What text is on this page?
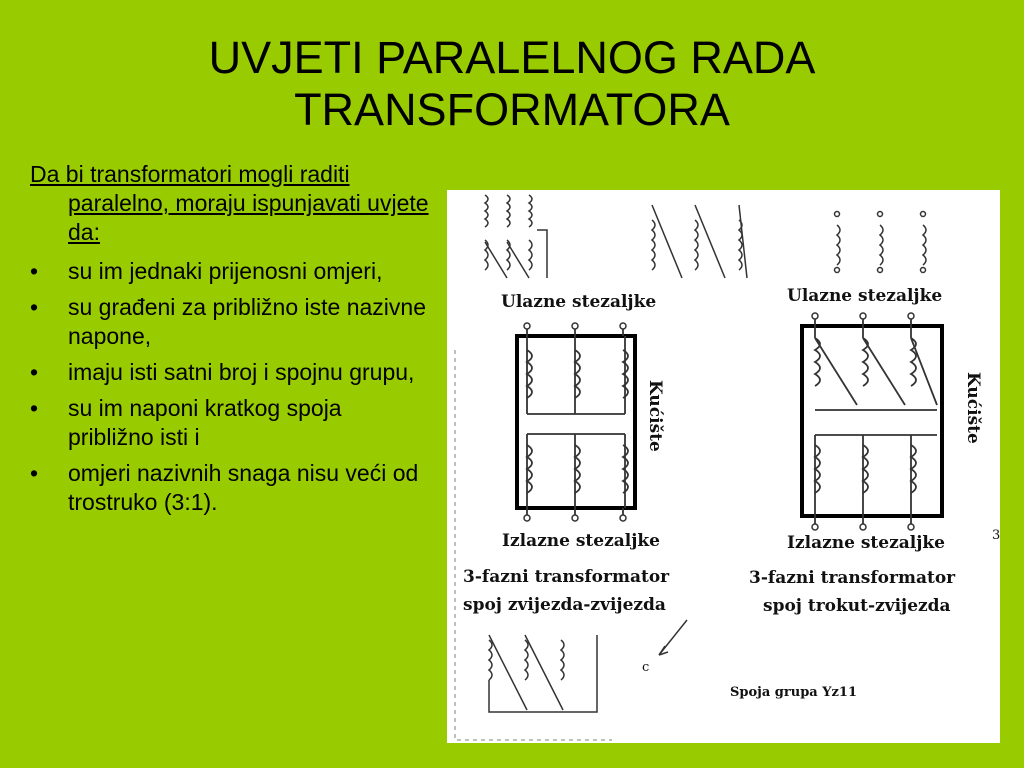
UVJETI PARALELNOG RADA
TRANSFORMATORA

Da bi transformatori mogli raditi paralelno, moraju ispunjavati uvjete da:

• su im jednaki prijenosni omjeri,
• su građeni za približno iste nazivne napone,
• imaju isti satni broj i spojnu grupu,
• su im naponi kratkog spoja približno isti i
• omjeri nazivnih snaga nisu veći od trostruko (3:1).
Ulazne stezaljke
Kućište
Izlazne stezaljke
3-fazni transformator
spoj zvijezda-zvijezda
Ulazne stezaljke
Kućište
Izlazne stezaljke
3-fazni transformator
spoj trokut-zvijezda
Spoja grupa Yz11
c
3
